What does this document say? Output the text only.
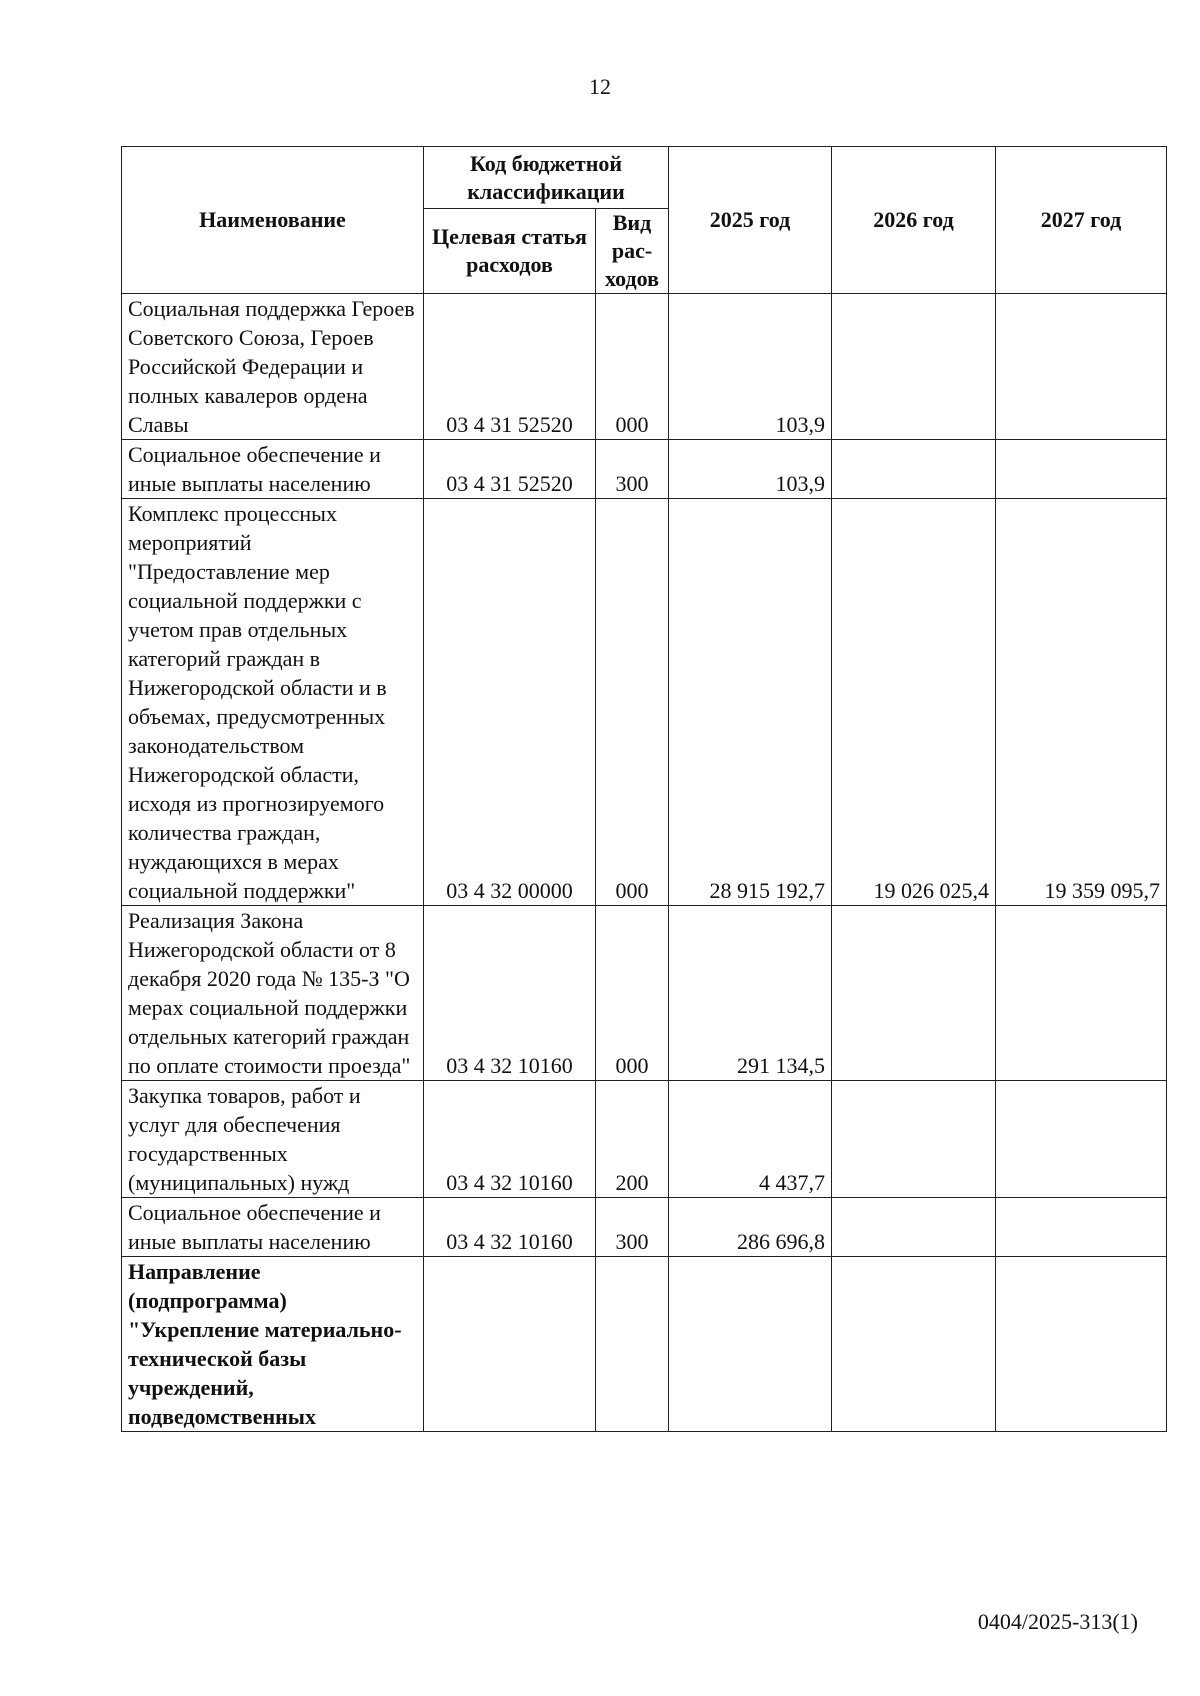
12
Наименование	Код бюджетной классификации		2025 год	2026 год	2027 год
	Целевая статья расходов	Вид рас-ходов			
Социальная поддержка Героев Советского Союза, Героев Российской Федерации и полных кавалеров ордена Славы	03 4 31 52520	000	103,9		
Социальное обеспечение и иные выплаты населению	03 4 31 52520	300	103,9		
Комплекс процессных мероприятий "Предоставление мер социальной поддержки с учетом прав отдельных категорий граждан в Нижегородской области и в объемах, предусмотренных законодательством Нижегородской области, исходя из прогнозируемого количества граждан, нуждающихся в мерах социальной поддержки"	03 4 32 00000	000	28 915 192,7	19 026 025,4	19 359 095,7
Реализация Закона Нижегородской области от 8 декабря 2020 года № 135-З "О мерах социальной поддержки отдельных категорий граждан по оплате стоимости проезда"	03 4 32 10160	000	291 134,5		
Закупка товаров, работ и услуг для обеспечения государственных (муниципальных) нужд	03 4 32 10160	200	4 437,7		
Социальное обеспечение и иные выплаты населению	03 4 32 10160	300	286 696,8		
Направление (подпрограмма) "Укрепление материально-технической базы учреждений, подведомственных					
0404/2025-313(1)
